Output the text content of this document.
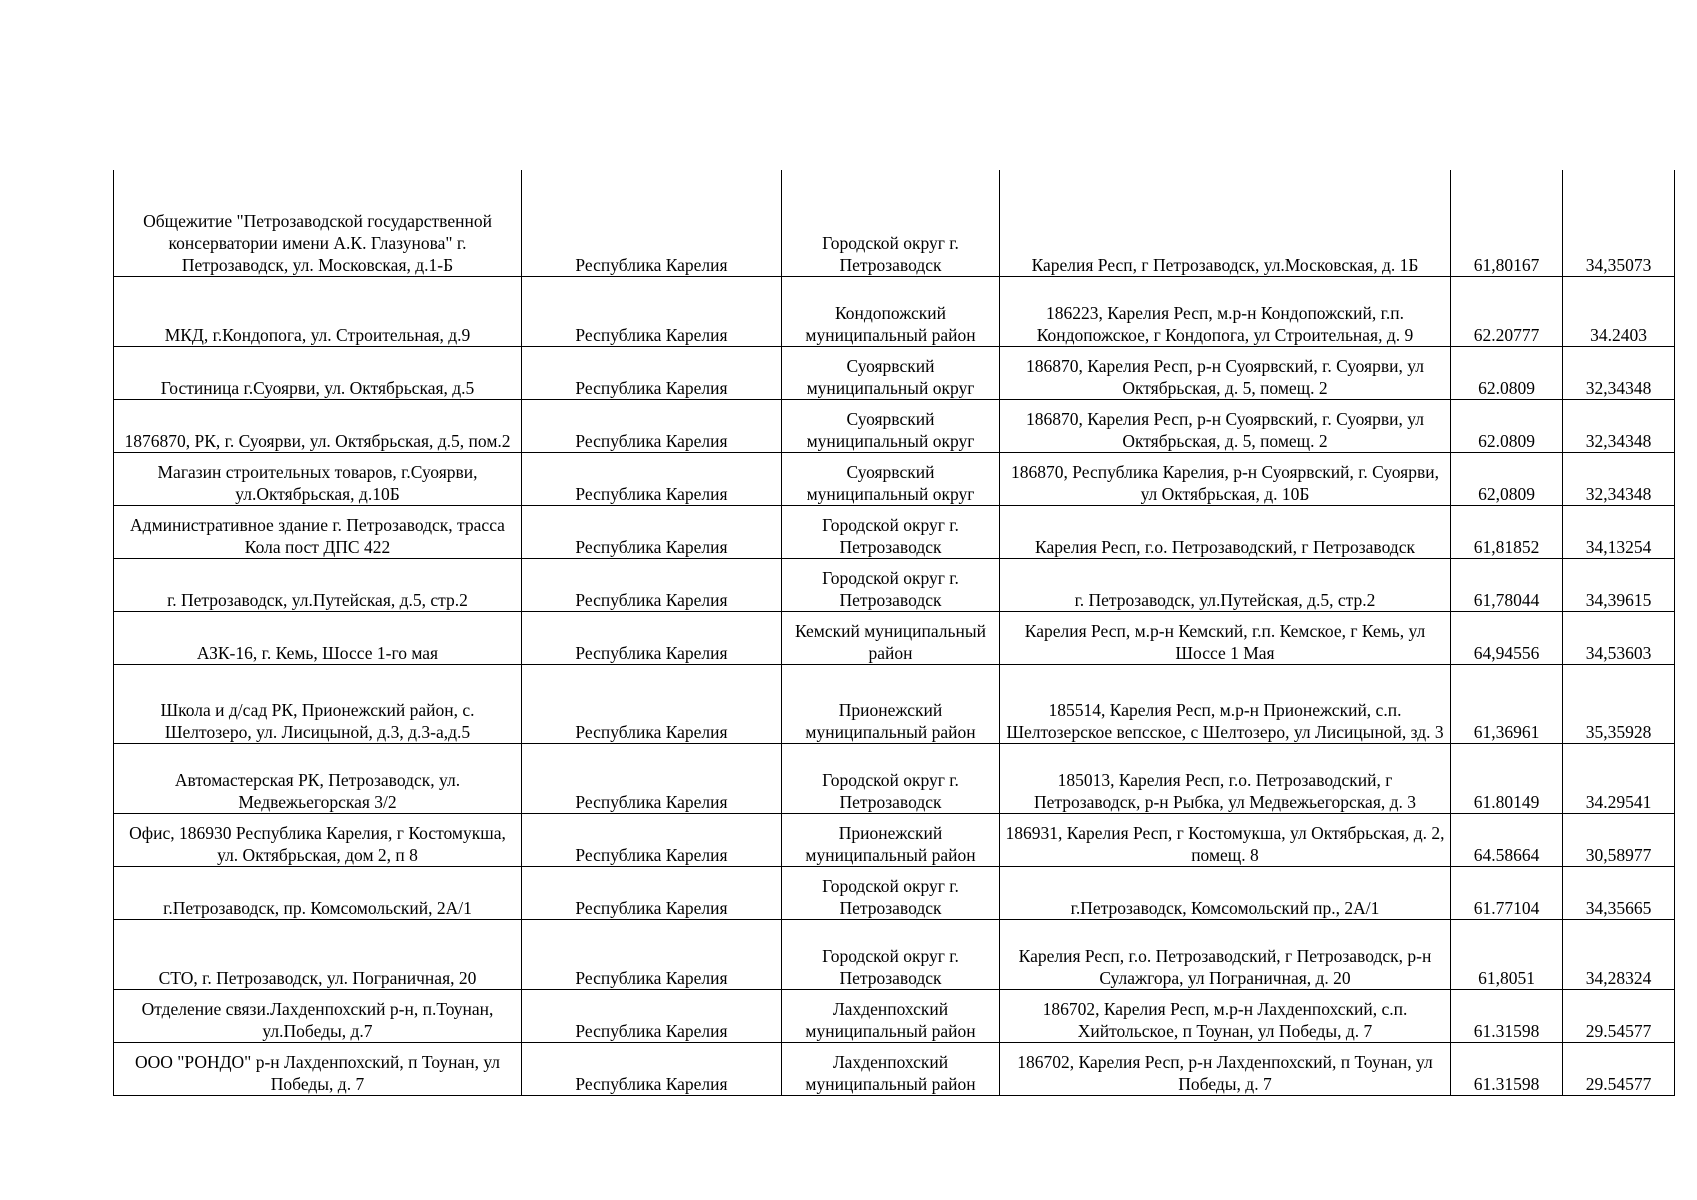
Общежитие "Петрозаводской государственной консерватории имени А.К. Глазунова" г. Петрозаводск, ул. Московская, д.1-Б	Республика Карелия	Городской округ г. Петрозаводск	Карелия Респ, г Петрозаводск, ул.Московская, д. 1Б	61,80167	34,35073
МКД, г.Кондопога, ул. Строительная, д.9	Республика Карелия	Кондопожский муниципальный район	186223, Карелия Респ, м.р-н Кондопожский, г.п. Кондопожское, г Кондопога, ул Строительная, д. 9	62.20777	34.2403
Гостиница г.Суоярви, ул. Октябрьская, д.5	Республика Карелия	Суоярвский муниципальный округ	186870, Карелия Респ, р-н Суоярвский, г. Суоярви, ул Октябрьская, д. 5, помещ. 2	62.0809	32,34348
1876870, РК, г. Суоярви, ул. Октябрьская, д.5, пом.2	Республика Карелия	Суоярвский муниципальный округ	186870, Карелия Респ, р-н Суоярвский, г. Суоярви, ул Октябрьская, д. 5, помещ. 2	62.0809	32,34348
Магазин строительных товаров, г.Суоярви, ул.Октябрьская, д.10Б	Республика Карелия	Суоярвский муниципальный округ	186870, Республика Карелия, р-н Суоярвский, г. Суоярви, ул Октябрьская, д. 10Б	62,0809	32,34348
Административное здание г. Петрозаводск, трасса Кола пост ДПС 422	Республика Карелия	Городской округ г. Петрозаводск	Карелия Респ, г.о. Петрозаводский, г Петрозаводск	61,81852	34,13254
г. Петрозаводск, ул.Путейская, д.5, стр.2	Республика Карелия	Городской округ г. Петрозаводск	г. Петрозаводск, ул.Путейская, д.5, стр.2	61,78044	34,39615
АЗК-16, г. Кемь, Шоссе 1-го мая	Республика Карелия	Кемский муниципальный район	Карелия Респ, м.р-н Кемский, г.п. Кемское, г Кемь, ул Шоссе 1 Мая	64,94556	34,53603
Школа и д/сад РК, Прионежский район, с. Шелтозеро, ул. Лисицыной, д.3, д.3-а,д.5	Республика Карелия	Прионежский муниципальный район	185514, Карелия Респ, м.р-н Прионежский, с.п. Шелтозерское вепсское, с Шелтозеро, ул Лисицыной, зд. 3	61,36961	35,35928
Автомастерская РК, Петрозаводск, ул. Медвежьегорская 3/2	Республика Карелия	Городской округ г. Петрозаводск	185013, Карелия Респ, г.о. Петрозаводский, г Петрозаводск, р-н Рыбка, ул Медвежьегорская, д. 3	61.80149	34.29541
Офис, 186930 Республика Карелия, г Костомукша, ул. Октябрьская, дом 2, п 8	Республика Карелия	Прионежский муниципальный район	186931, Карелия Респ, г Костомукша, ул Октябрьская, д. 2, помещ. 8	64.58664	30,58977
г.Петрозаводск, пр. Комсомольский, 2А/1	Республика Карелия	Городской округ г. Петрозаводск	г.Петрозаводск, Комсомольский пр., 2А/1	61.77104	34,35665
СТО, г. Петрозаводск, ул. Пограничная, 20	Республика Карелия	Городской округ г. Петрозаводск	Карелия Респ, г.о. Петрозаводский, г Петрозаводск, р-н Сулажгора, ул Пограничная, д. 20	61,8051	34,28324
Отделение связи.Лахденпохский р-н, п.Тоунан, ул.Победы, д.7	Республика Карелия	Лахденпохский муниципальный район	186702, Карелия Респ, м.р-н Лахденпохский, с.п. Хийтольское, п Тоунан, ул Победы, д. 7	61.31598	29.54577
ООО "РОНДО" р-н Лахденпохский, п Тоунан, ул Победы, д. 7	Республика Карелия	Лахденпохский муниципальный район	186702, Карелия Респ, р-н Лахденпохский, п Тоунан, ул Победы, д. 7	61.31598	29.54577
